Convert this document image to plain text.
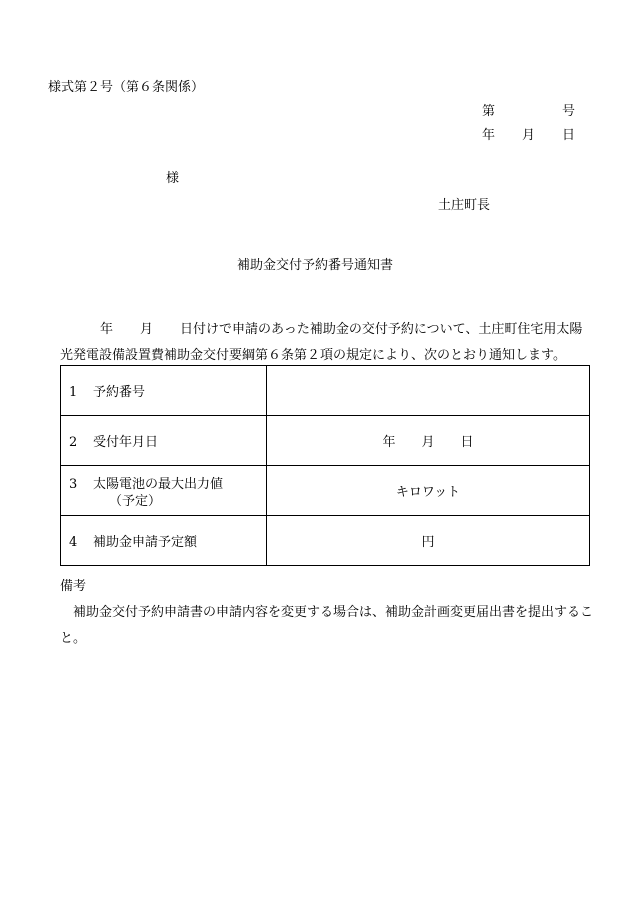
様式第２号（第６条関係）
第	号
年 月 日
様
土庄町長
補助金交付予約番号通知書
年 月 日付けで申請のあった補助金の交付予約について、土庄町住宅用太陽
光発電設備設置費補助金交付要綱第６条第２項の規定により、次のとおり通知します。
1 予約番号	
2 受付年月日	年　　月　　日
3 太陽電池の最大出力値
（予定）	キロワット
4 補助金申請予定額	円
備考
補助金交付予約申請書の申請内容を変更する場合は、補助金計画変更届出書を提出すること。
